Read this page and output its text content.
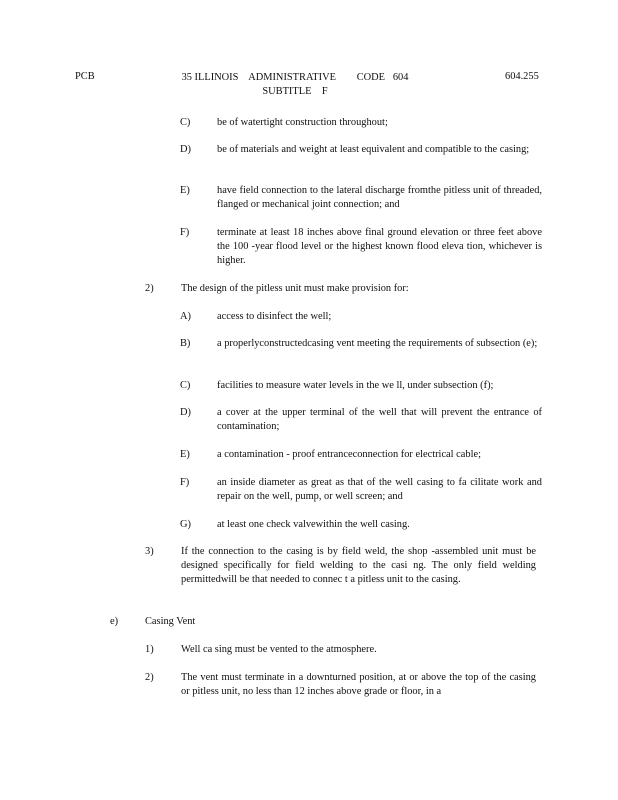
PCB	35 ILLINOIS    ADMINISTRATIVE        CODE   604
SUBTITLE    F
604.255
C)	be of watertight construction throughout;
D)	be of materials and weight at least equivalent and compatible to the casing;
E)	have field connection to the lateral discharge fromthe pitless unit of threaded, flanged or mechanical joint connection; and
F)	terminate at least 18 inches above final ground elevation or three feet above the 100 -year flood level or the highest known flood eleva tion, whichever is higher.
2)	The design of the pitless unit must make provision for:
A)	access to disinfect the well;
B)	a properlyconstructedcasing vent meeting the requirements of subsection (e);
C)	facilities to measure water levels in the we ll, under subsection (f);
D)	a cover at the upper terminal of the well that will prevent the entrance of contamination;
E)	a contamination - proof entranceconnection for electrical cable;
F)	an inside diameter as great as that of the well casing to fa cilitate work and repair on the well, pump, or well screen; and
G)	at least one check valvewithin the well casing.
3)	If the connection to the casing is by field weld, the shop -assembled unit must be designed specifically for field welding to the casi ng. The only field welding permittedwill be that needed to connec t a pitless unit to the casing.
e)	Casing Vent
1)	Well ca sing must be vented to the atmosphere.
2)	The vent must terminate in a downturned position, at or above the top of the casing or pitless unit, no less than 12 inches above grade or floor, in a
